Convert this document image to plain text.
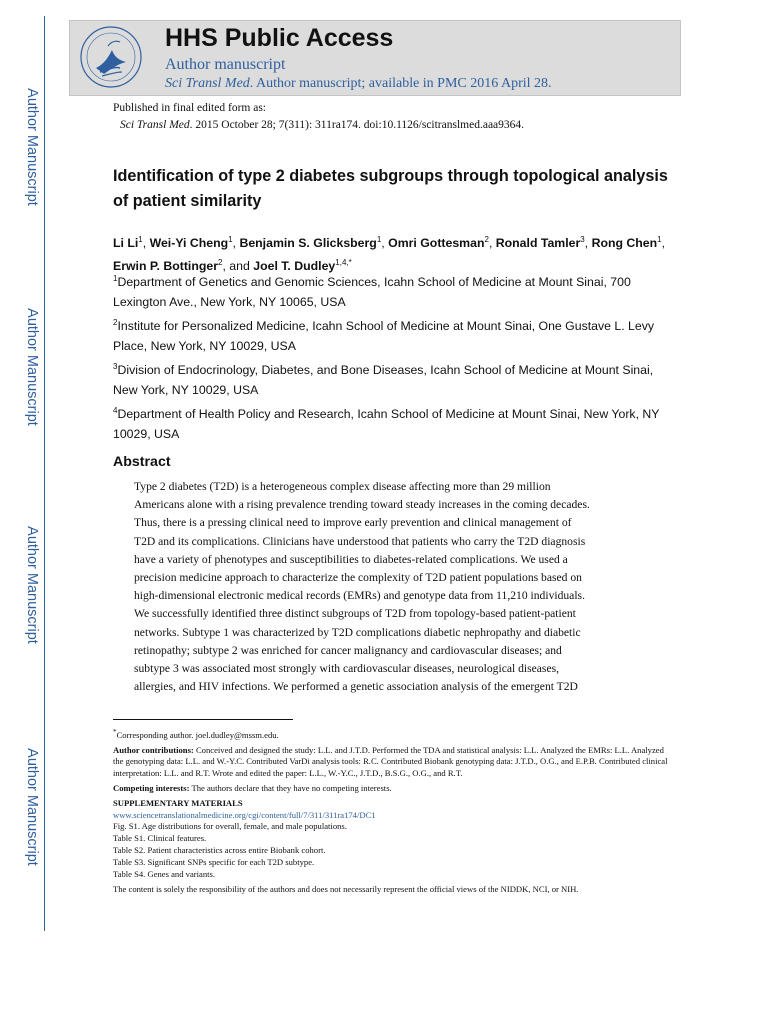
Author Manuscript
Author Manuscript
Author Manuscript
Author Manuscript
HHS Public Access
Author manuscript
Sci Transl Med. Author manuscript; available in PMC 2016 April 28.
Published in final edited form as:
Sci Transl Med. 2015 October 28; 7(311): 311ra174. doi:10.1126/scitranslmed.aaa9364.
Identification of type 2 diabetes subgroups through topological analysis of patient similarity
Li Li$^1$, Wei-Yi Cheng$^1$, Benjamin S. Glicksberg$^1$, Omri Gottesman$^2$, Ronald Tamler$^3$, Rong Chen$^1$, Erwin P. Bottinger$^2$, and Joel T. Dudley$^{1,4,*}$
$^1$Department of Genetics and Genomic Sciences, Icahn School of Medicine at Mount Sinai, 700 Lexington Ave., New York, NY 10065, USA
$^2$Institute for Personalized Medicine, Icahn School of Medicine at Mount Sinai, One Gustave L. Levy Place, New York, NY 10029, USA
$^3$Division of Endocrinology, Diabetes, and Bone Diseases, Icahn School of Medicine at Mount Sinai, New York, NY 10029, USA
$^4$Department of Health Policy and Research, Icahn School of Medicine at Mount Sinai, New York, NY 10029, USA
Abstract
Type 2 diabetes (T2D) is a heterogeneous complex disease affecting more than 29 million
Americans alone with a rising prevalence trending toward steady increases in the coming decades.
Thus, there is a pressing clinical need to improve early prevention and clinical management of
T2D and its complications. Clinicians have understood that patients who carry the T2D diagnosis
have a variety of phenotypes and susceptibilities to diabetes-related complications. We used a
precision medicine approach to characterize the complexity of T2D patient populations based on
high-dimensional electronic medical records (EMRs) and genotype data from 11,210 individuals.
We successfully identified three distinct subgroups of T2D from topology-based patient-patient
networks. Subtype 1 was characterized by T2D complications diabetic nephropathy and diabetic
retinopathy; subtype 2 was enriched for cancer malignancy and cardiovascular diseases; and
subtype 3 was associated most strongly with cardiovascular diseases, neurological diseases,
allergies, and HIV infections. We performed a genetic association analysis of the emergent T2D

*Corresponding author. joel.dudley@mssm.edu.

Author contributions: Conceived and designed the study: L.L. and J.T.D. Performed the TDA and statistical analysis: L.L. Analyzed the EMRs: L.L. Analyzed the genotyping data: L.L. and W.-Y.C. Contributed VarDi analysis tools: R.C. Contributed Biobank genotyping data: J.T.D., O.G., and E.P.B. Contributed clinical interpretation: L.L. and R.T. Wrote and edited the paper: L.L., W.-Y.C., J.T.D., B.S.G., O.G., and R.T.

Competing interests: The authors declare that they have no competing interests.

SUPPLEMENTARY MATERIALS
www.sciencetranslationalmedicine.org/cgi/content/full/7/311/311ra174/DC1
Fig. S1. Age distributions for overall, female, and male populations.
Table S1. Clinical features.
Table S2. Patient characteristics across entire Biobank cohort.
Table S3. Significant SNPs specific for each T2D subtype.
Table S4. Genes and variants.

The content is solely the responsibility of the authors and does not necessarily represent the official views of the NIDDK, NCI, or NIH.
